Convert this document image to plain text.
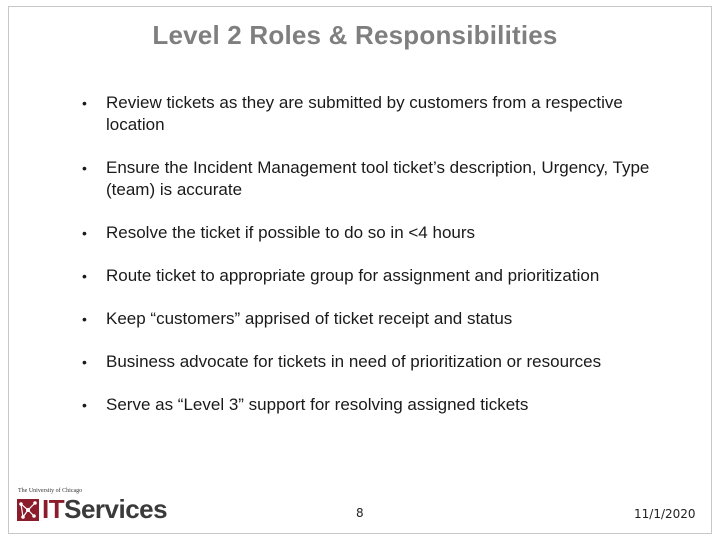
Level 2 Roles & Responsibilities
• Review tickets as they are submitted by customers from a respective location
• Ensure the Incident Management tool ticket’s description, Urgency, Type (team) is accurate
• Resolve the ticket if possible to do so in <4 hours
• Route ticket to appropriate group for assignment and prioritization
• Keep “customers” apprised of ticket receipt and status
• Business advocate for tickets in need of prioritization or resources
• Serve as “Level 3” support for resolving assigned tickets
The University of Chicago
ITServices	8	11/1/2020
